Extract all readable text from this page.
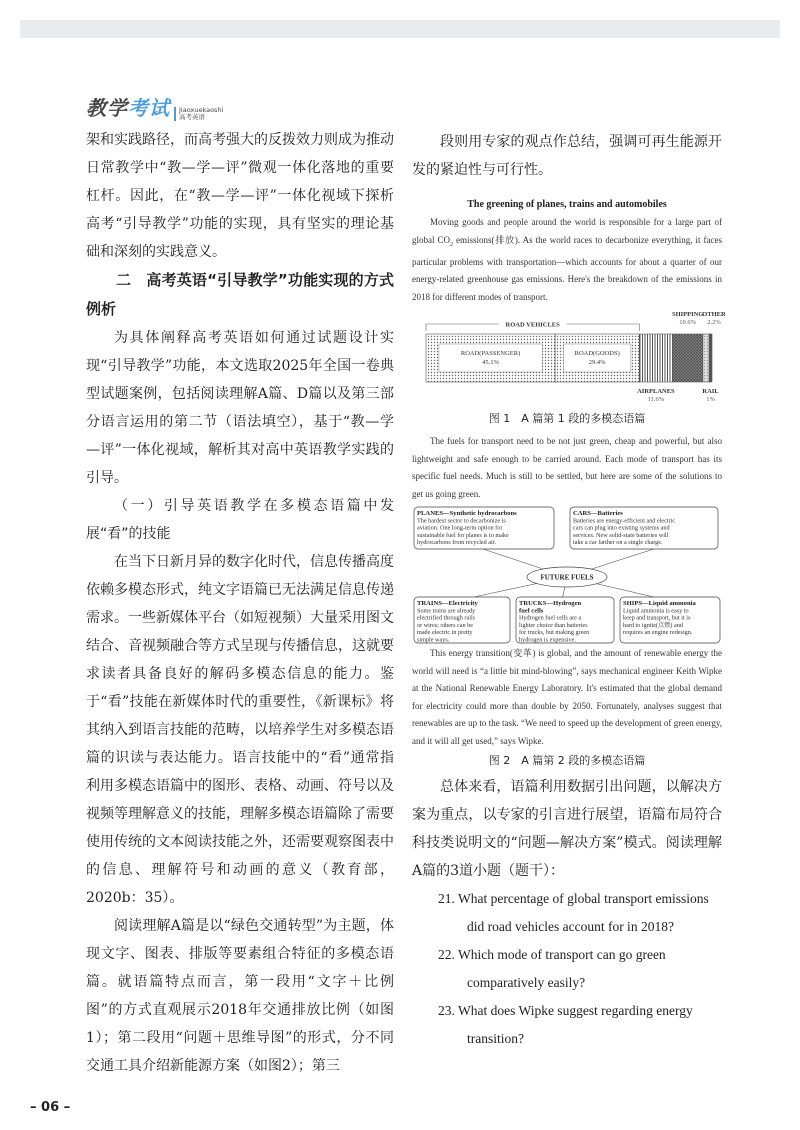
教学考试 Jiaoxuekaoshi
高考英语

架和实践路径，而高考强大的反拨效力则成为推动日常教学中“教—学—评”微观一体化落地的重要杠杆。因此，在“教—学—评”一体化视域下探析高考“引导教学”功能的实现，具有坚实的理论基础和深刻的实践意义。

二　高考英语“引导教学”功能实现的方式例析

为具体阐释高考英语如何通过试题设计实现“引导教学”功能，本文选取2025年全国一卷典型试题案例，包括阅读理解A篇、D篇以及第三部分语言运用的第二节（语法填空），基于“教—学—评”一体化视域，解析其对高中英语教学实践的引导。

（一）引导英语教学在多模态语篇中发展“看”的技能

在当下日新月异的数字化时代，信息传播高度依赖多模态形式，纯文字语篇已无法满足信息传递需求。一些新媒体平台（如短视频）大量采用图文结合、音视频融合等方式呈现与传播信息，这就要求读者具备良好的解码多模态信息的能力。鉴于“看”技能在新媒体时代的重要性，《新课标》将其纳入到语言技能的范畴，以培养学生对多模态语篇的识读与表达能力。语言技能中的“看”通常指利用多模态语篇中的图形、表格、动画、符号以及视频等理解意义的技能，理解多模态语篇除了需要使用传统的文本阅读技能之外，还需要观察图表中的信息、理解符号和动画的意义（教育部，2020b：35）。

阅读理解A篇是以“绿色交通转型”为主题，体现文字、图表、排版等要素组合特征的多模态语篇。就语篇特点而言，第一段用“文字＋比例图”的方式直观展示2018年交通排放比例（如图1）；第二段用“问题＋思维导图”的形式，分不同交通工具介绍新能源方案（如图2）；第三

段则用专家的观点作总结，强调可再生能源开发的紧迫性与可行性。

The greening of planes, trains and automobiles

Moving goods and people around the world is responsible for a large part of global $CO_2$ emissions(排放). As the world races to decarbonize everything, it faces particular problems with transportation—which accounts for about a quarter of our energy-related greenhouse gas emissions. Here's the breakdown of the emissions in 2018 for different modes of transport.

ROAD(PASSENGER)
45.1%
ROAD(GOODS)
29.4%
ROAD VEHICLES
AIRPLANES
11.6%
SHIPPING
10.6%
OTHER
2.2%
RAIL
1%
图 1　A 篇第 1 段的多模态语篇

The fuels for transport need to be not just green, cheap and powerful, but also lightweight and safe enough to be carried around. Each mode of transport has its specific fuel needs. Much is still to be settled, but here are some of the solutions to get us going green.

PLANES—Synthetic hydrocarbons
The hardest sector to decarbonize is
aviation. One long-term option for
sustainable fuel for planes is to make
hydrocarbons from recycled air.
CARS—Batteries
Batteries are energy-efficient and electric
cars can plug into existing systems and
services. New solid-state batteries will
take a car farther on a single charge.
TRAINS—Electricity
Some trains are already
electrified through rails
or wires; others can be
made electric in pretty
simple ways.
TRUCKS—Hydrogen
fuel cells
Hydrogen fuel cells are a
lighter choice than batteries
for trucks, but making green
hydrogen is expensive.
SHIPS—Liquid ammonia
Liquid ammonia is easy to
keep and transport, but it is
hard to ignite(点燃) and
requires an engine redesign.
FUTURE FUELS

This energy transition(变革) is global, and the amount of renewable energy the world will need is “a little bit mind-blowing”, says mechanical engineer Keith Wipke at the National Renewable Energy Laboratory. It's estimated that the global demand for electricity could more than double by 2050. Fortunately, analyses suggest that renewables are up to the task. “We need to speed up the development of green energy, and it will all get used,” says Wipke.

图 2　A 篇第 2 段的多模态语篇

总体来看，语篇利用数据引出问题，以解决方案为重点，以专家的引言进行展望，语篇布局符合科技类说明文的“问题—解决方案”模式。阅读理解A篇的3道小题（题干）：

21. What percentage of global transport emissions
did road vehicles account for in 2018?
22. Which mode of transport can go green
comparatively easily?
23. What does Wipke suggest regarding energy
transition?
– 06 –
